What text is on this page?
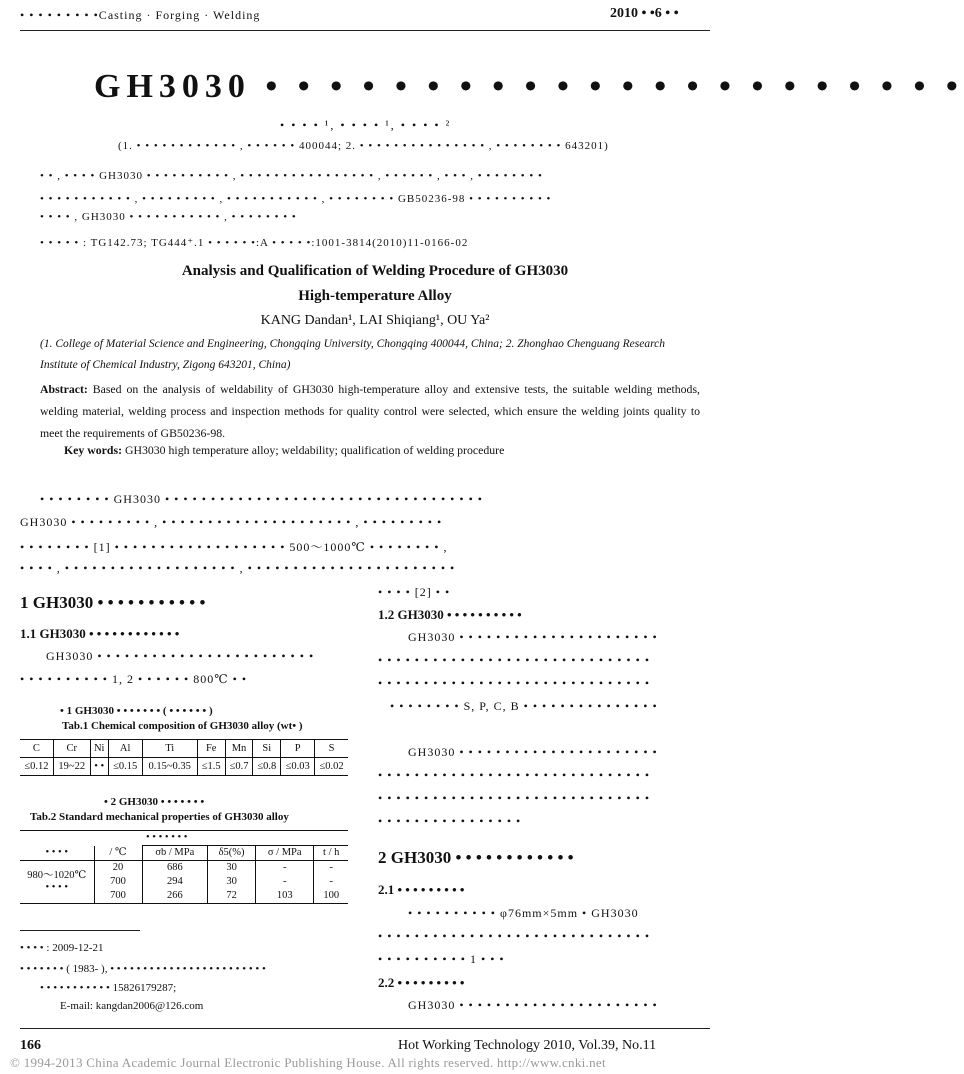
• • • • • • • • •Casting · Forging · Welding	2010 • •6 • •
GH3030 • • • • • • • • • • • • • • • • • • • • • •
• • • • ¹, • • • • ¹, • • • • ²
(1. • • • • • • • • • • • • , • • • • • • 400044; 2. • • • • • • • • • • • • • • • , • • • • • • • • 643201)
• • , • • • • GH3030 • • • • • • • • • • , • • • • • • • • • • • • • • • • , • • • • • • , • • • , • • • • • • • •
• • • • • • • • • • • , • • • • • • • • • , • • • • • • • • • • • , • • • • • • • • GB50236-98 • • • • • • • • • •
• • • • , GH3030 • • • • • • • • • • • , • • • • • • • •
• • • • • : TG142.73; TG444⁺.1 • • • • • •:A • • • • •:1001-3814(2010)11-0166-02
Analysis and Qualification of Welding Procedure of GH3030
High-temperature Alloy
KANG Dandan¹, LAI Shiqiang¹, OU Ya²
(1. College of Material Science and Engineering, Chongqing University, Chongqing 400044, China; 2. Zhonghao Chenguang Research Institute of Chemical Industry, Zigong 643201, China)
Abstract: Based on the analysis of weldability of GH3030 high-temperature alloy and extensive tests, the suitable welding methods, welding material, welding process and inspection methods for quality control were selected, which ensure the welding joints quality to meet the requirements of GB50236-98.
Key words: GH3030 high temperature alloy; weldability; qualification of welding procedure
• • • • • • • • GH3030 • • • • • • • • • • • • • • • • • • • • • • • • • • • • • • • • • • •
GH3030 • • • • • • • • • , • • • • • • • • • • • • • • • • • • • • • , • • • • • • • • •
• • • • • • • • [1] • • • • • • • • • • • • • • • • • • • 500～1000℃ • • • • • • • • ,
• • • • , • • • • • • • • • • • • • • • • • • • , • • • • • • • • • • • • • • • • • • • • • • •
1 GH3030 • • • • • • • • • • •
1.1 GH3030 • • • • • • • • • • • •
GH3030 • • • • • • • • • • • • • • • • • • • • • • • •
• • • • • • • • • • 1, 2 • • • • • • 800℃ • •
• 1 GH3030 • • • • • • • ( • • • • • • )
Tab.1 Chemical composition of GH3030 alloy (wt• )
C	Cr	Ni	Al	Ti	Fe	Mn	Si	P	S
≤0.12	19~22	• •	≤0.15	0.15~0.35	≤1.5	≤0.7	≤0.8	≤0.03	≤0.02
• 2 GH3030 • • • • • • •
Tab.2 Standard mechanical properties of GH3030 alloy
		• • • • • • •			
• • • •	/ ℃	σb / MPa	δ5(%)	σ / MPa	t / h

980～1020℃
• • • •	20	686	30	-	-
	700	294	30	-	-
	700	266	72	103	100
• • • • : 2009-12-21
• • • • • • • ( 1983- ), • • • • • • • • • • • • • • • • • • • • • • • •
• • • • • • • • • • • 15826179287;
E-mail: kangdan2006@126.com
• • • • [2] • •
1.2 GH3030 • • • • • • • • • •
GH3030 • • • • • • • • • • • • • • • • • • • • • •
• • • • • • • • • • • • • • • • • • • • • • • • • • • • • •
• • • • • • • • • • • • • • • • • • • • • • • • • • • • • •
• • • • • • • • S, P, C, B • • • • • • • • • • • • • • •
GH3030 • • • • • • • • • • • • • • • • • • • • • •
• • • • • • • • • • • • • • • • • • • • • • • • • • • • • •
• • • • • • • • • • • • • • • • • • • • • • • • • • • • • •
• • • • • • • • • • • • • • • •
2 GH3030 • • • • • • • • • • • •
2.1 • • • • • • • • •
• • • • • • • • • • φ76mm×5mm • GH3030
• • • • • • • • • • • • • • • • • • • • • • • • • • • • • •
• • • • • • • • • • 1 • • •
2.2 • • • • • • • • •
GH3030 • • • • • • • • • • • • • • • • • • • • • •
166	Hot Working Technology 2010, Vol.39, No.11
© 1994-2013 China Academic Journal Electronic Publishing House. All rights reserved. http://www.cnki.net
